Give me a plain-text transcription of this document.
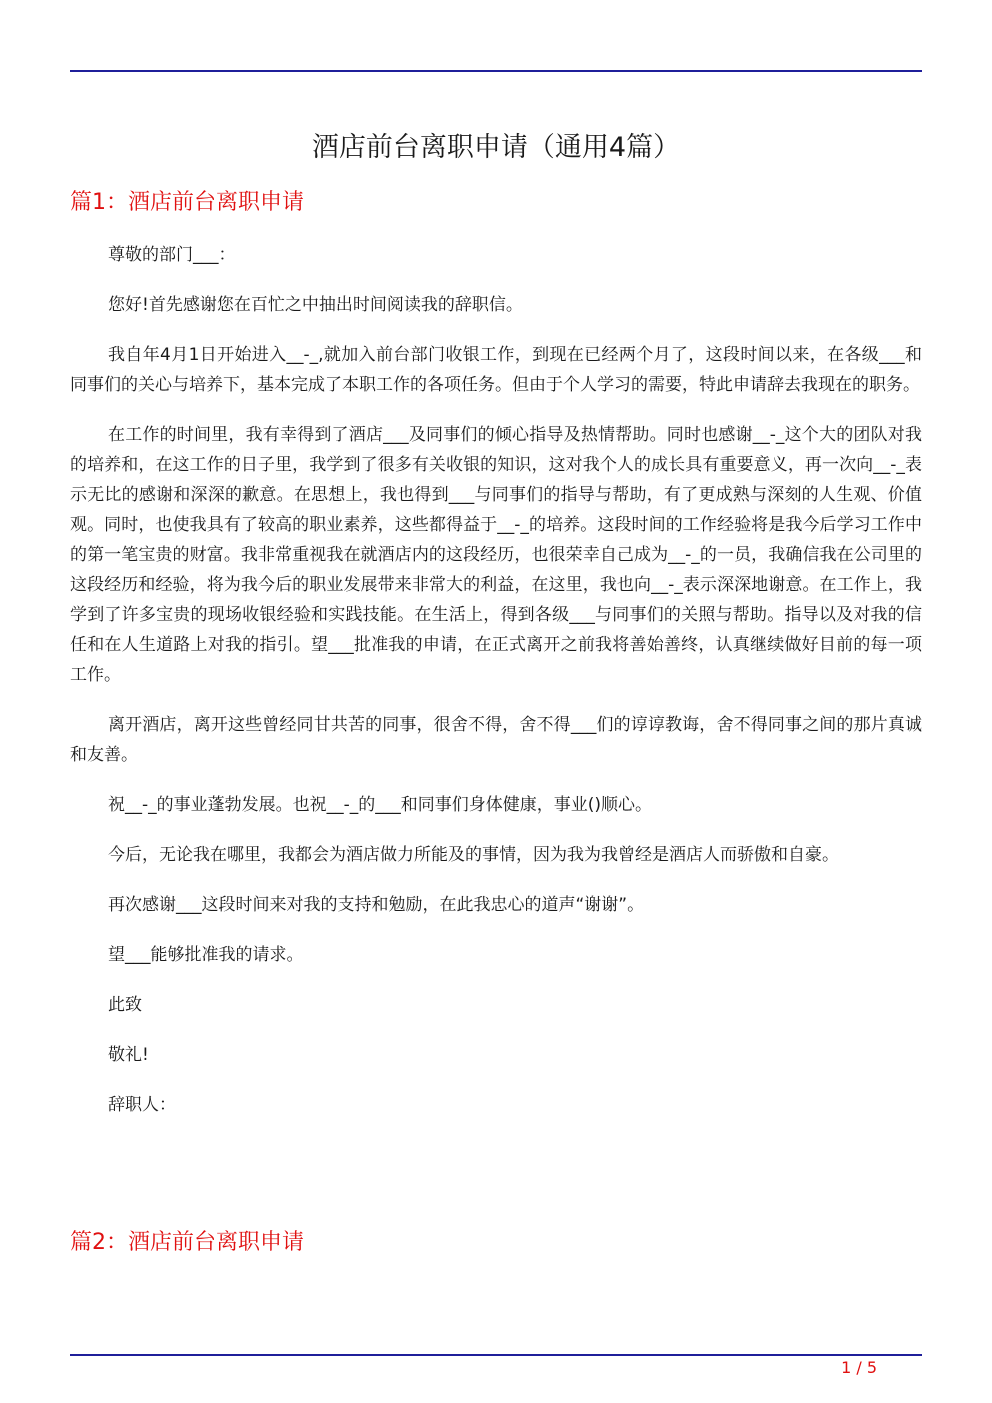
酒店前台离职申请（通用4篇）
篇1：酒店前台离职申请

尊敬的部门___：

您好!首先感谢您在百忙之中抽出时间阅读我的辞职信。

我自年4月1日开始进入__-_,就加入前台部门收银工作，到现在已经两个月了，这段时间以来，在各级___和同事们的关心与培养下，基本完成了本职工作的各项任务。但由于个人学习的需要，特此申请辞去我现在的职务。

在工作的时间里，我有幸得到了酒店___及同事们的倾心指导及热情帮助。同时也感谢__-_这个大的团队对我的培养和，在这工作的日子里，我学到了很多有关收银的知识，这对我个人的成长具有重要意义，再一次向__-_表示无比的感谢和深深的歉意。在思想上，我也得到___与同事们的指导与帮助，有了更成熟与深刻的人生观、价值观。同时，也使我具有了较高的职业素养，这些都得益于__-_的培养。这段时间的工作经验将是我今后学习工作中的第一笔宝贵的财富。我非常重视我在就酒店内的这段经历，也很荣幸自己成为__-_的一员，我确信我在公司里的这段经历和经验，将为我今后的职业发展带来非常大的利益，在这里，我也向__-_表示深深地谢意。在工作上，我学到了许多宝贵的现场收银经验和实践技能。在生活上，得到各级___与同事们的关照与帮助。指导以及对我的信任和在人生道路上对我的指引。望___批准我的申请，在正式离开之前我将善始善终，认真继续做好目前的每一项工作。

离开酒店，离开这些曾经同甘共苦的同事，很舍不得，舍不得___们的谆谆教诲，舍不得同事之间的那片真诚和友善。

祝__-_的事业蓬勃发展。也祝__-_的___和同事们身体健康，事业()顺心。

今后，无论我在哪里，我都会为酒店做力所能及的事情，因为我为我曾经是酒店人而骄傲和自豪。

再次感谢___这段时间来对我的支持和勉励，在此我忠心的道声“谢谢”。

望___能够批准我的请求。

此致

敬礼!

辞职人：

篇2：酒店前台离职申请
1 / 5
